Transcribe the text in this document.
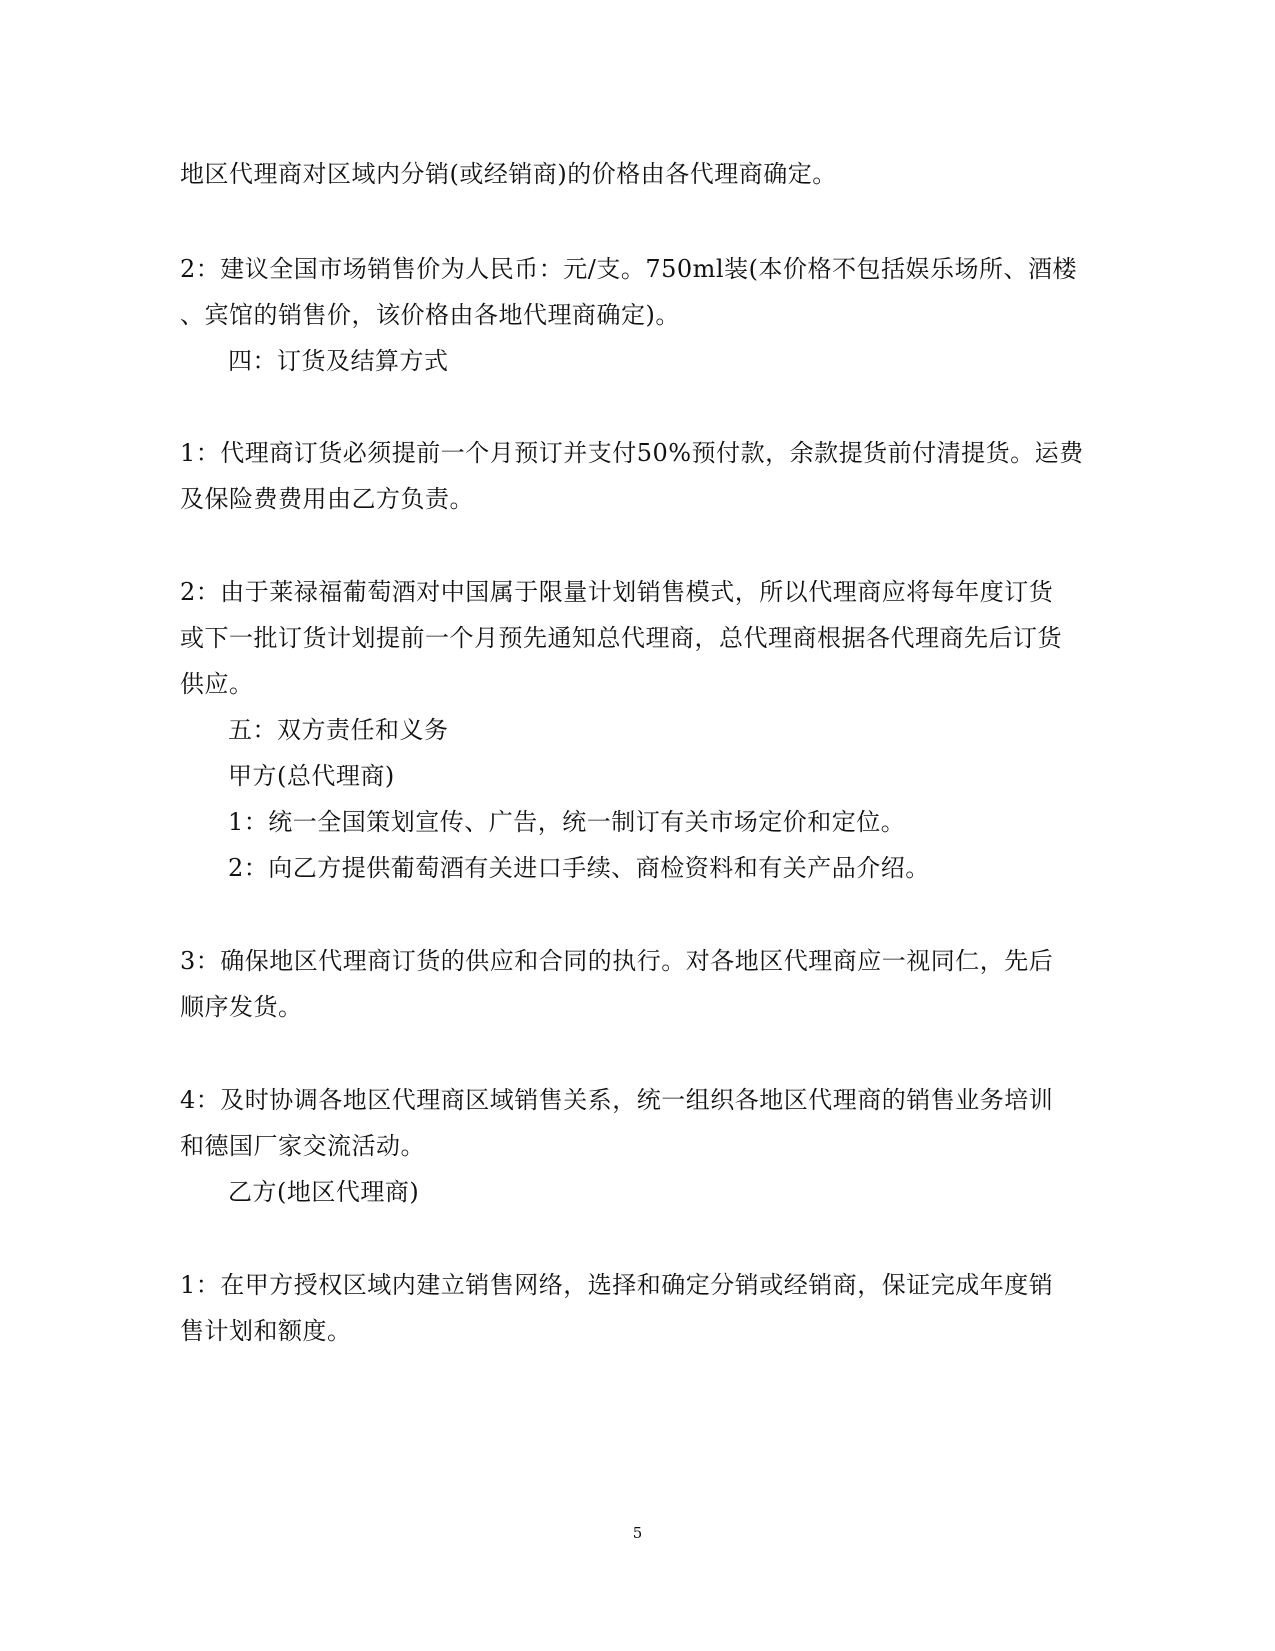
地区代理商对区域内分销(或经销商)的价格由各代理商确定。
2：建议全国市场销售价为人民币：元/支。750ml装(本价格不包括娱乐场所、酒楼
、宾馆的销售价，该价格由各地代理商确定)。
四：订货及结算方式
1：代理商订货必须提前一个月预订并支付50%预付款，余款提货前付清提货。运费
及保险费费用由乙方负责。
2：由于莱禄福葡萄酒对中国属于限量计划销售模式，所以代理商应将每年度订货
或下一批订货计划提前一个月预先通知总代理商，总代理商根据各代理商先后订货
供应。
五：双方责任和义务
甲方(总代理商)
1：统一全国策划宣传、广告，统一制订有关市场定价和定位。
2：向乙方提供葡萄酒有关进口手续、商检资料和有关产品介绍。
3：确保地区代理商订货的供应和合同的执行。对各地区代理商应一视同仁，先后
顺序发货。
4：及时协调各地区代理商区域销售关系，统一组织各地区代理商的销售业务培训
和德国厂家交流活动。
乙方(地区代理商)
1：在甲方授权区域内建立销售网络，选择和确定分销或经销商，保证完成年度销
售计划和额度。
5
